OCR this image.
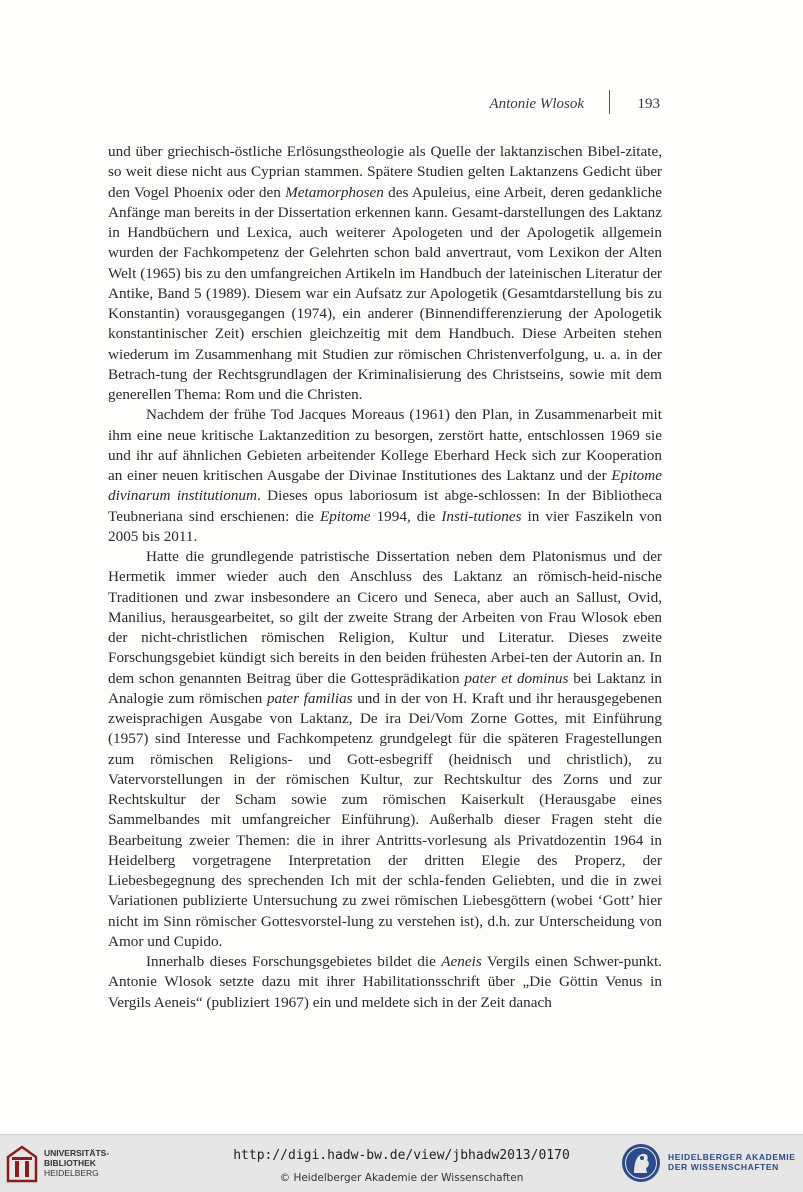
Antonie Wlosok	193

und über griechisch-östliche Erlösungstheologie als Quelle der laktanzischen Bibel-zitate, so weit diese nicht aus Cyprian stammen. Spätere Studien gelten Laktanzens Gedicht über den Vogel Phoenix oder den Metamorphosen des Apuleius, eine Arbeit, deren gedankliche Anfänge man bereits in der Dissertation erkennen kann. Gesamt-darstellungen des Laktanz in Handbüchern und Lexica, auch weiterer Apologeten und der Apologetik allgemein wurden der Fachkompetenz der Gelehrten schon bald anvertraut, vom Lexikon der Alten Welt (1965) bis zu den umfangreichen Artikeln im Handbuch der lateinischen Literatur der Antike, Band 5 (1989). Diesem war ein Aufsatz zur Apologetik (Gesamtdarstellung bis zu Konstantin) vorausgegangen (1974), ein anderer (Binnendifferenzierung der Apologetik konstantinischer Zeit) erschien gleichzeitig mit dem Handbuch. Diese Arbeiten stehen wiederum im Zusammenhang mit Studien zur römischen Christenverfolgung, u. a. in der Betrach-tung der Rechtsgrundlagen der Kriminalisierung des Christseins, sowie mit dem generellen Thema: Rom und die Christen.

Nachdem der frühe Tod Jacques Moreaus (1961) den Plan, in Zusammenarbeit mit ihm eine neue kritische Laktanzedition zu besorgen, zerstört hatte, entschlossen 1969 sie und ihr auf ähnlichen Gebieten arbeitender Kollege Eberhard Heck sich zur Kooperation an einer neuen kritischen Ausgabe der Divinae Institutiones des Laktanz und der Epitome divinarum institutionum. Dieses opus laboriosum ist abge-schlossen: In der Bibliotheca Teubneriana sind erschienen: die Epitome 1994, die Insti-tutiones in vier Faszikeln von 2005 bis 2011.

Hatte die grundlegende patristische Dissertation neben dem Platonismus und der Hermetik immer wieder auch den Anschluss des Laktanz an römisch-heid-nische Traditionen und zwar insbesondere an Cicero und Seneca, aber auch an Sallust, Ovid, Manilius, herausgearbeitet, so gilt der zweite Strang der Arbeiten von Frau Wlosok eben der nicht-christlichen römischen Religion, Kultur und Literatur. Dieses zweite Forschungsgebiet kündigt sich bereits in den beiden frühesten Arbei-ten der Autorin an. In dem schon genannten Beitrag über die Gottesprädikation pater et dominus bei Laktanz in Analogie zum römischen pater familias und in der von H. Kraft und ihr herausgegebenen zweisprachigen Ausgabe von Laktanz, De ira Dei/Vom Zorne Gottes, mit Einführung (1957) sind Interesse und Fachkompetenz grundgelegt für die späteren Fragestellungen zum römischen Religions- und Gott-esbegriff (heidnisch und christlich), zu Vatervorstellungen in der römischen Kultur, zur Rechtskultur des Zorns und zur Rechtskultur der Scham sowie zum römischen Kaiserkult (Herausgabe eines Sammelbandes mit umfangreicher Einführung). Außerhalb dieser Fragen steht die Bearbeitung zweier Themen: die in ihrer Antritts-vorlesung als Privatdozentin 1964 in Heidelberg vorgetragene Interpretation der dritten Elegie des Properz, der Liebesbegegnung des sprechenden Ich mit der schla-fenden Geliebten, und die in zwei Variationen publizierte Untersuchung zu zwei römischen Liebesgöttern (wobei ‘Gott’ hier nicht im Sinn römischer Gottesvorstel-lung zu verstehen ist), d.h. zur Unterscheidung von Amor und Cupido.

Innerhalb dieses Forschungsgebietes bildet die Aeneis Vergils einen Schwer-punkt. Antonie Wlosok setzte dazu mit ihrer Habilitationsschrift über „Die Göttin Venus in Vergils Aeneis“ (publiziert 1967) ein und meldete sich in der Zeit danach

UNIVERSITÄTS-
BIBLIOTHEK
HEIDELBERG
http://digi.hadw-bw.de/view/jbhadw2013/0170
© Heidelberger Akademie der Wissenschaften
HEIDELBERGER AKADEMIE
DER WISSENSCHAFTEN
